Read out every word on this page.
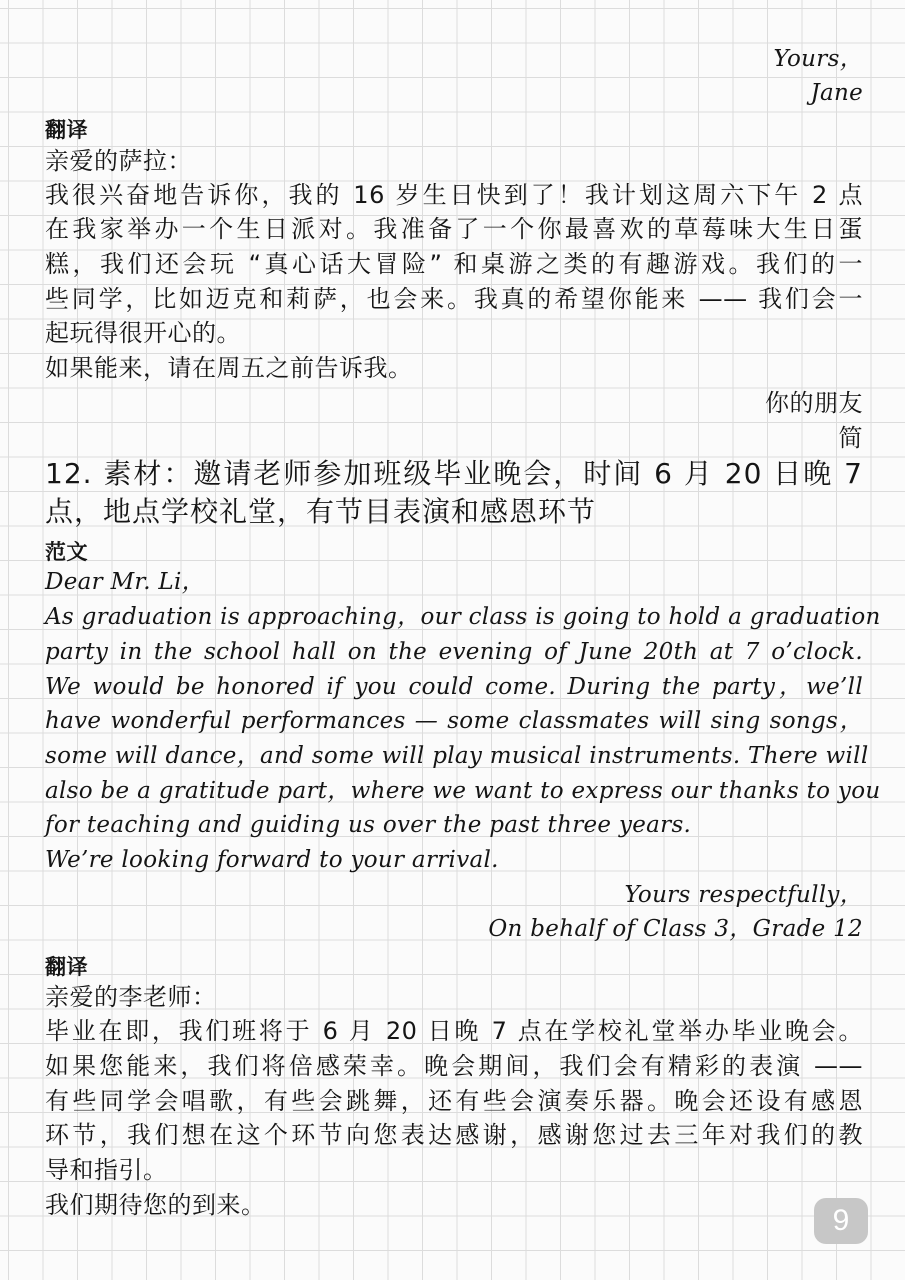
Yours，
Jane
翻译
亲爱的萨拉：
我很兴奋地告诉你，我的 16 岁生日快到了！我计划这周六下午 2 点
在我家举办一个生日派对。我准备了一个你最喜欢的草莓味大生日蛋
糕，我们还会玩 “真心话大冒险” 和桌游之类的有趣游戏。我们的一
些同学，比如迈克和莉萨，也会来。我真的希望你能来 —— 我们会一
起玩得很开心的。
如果能来，请在周五之前告诉我。
你的朋友
简
12. 素材：邀请老师参加班级毕业晚会，时间 6 月 20 日晚 7
点，地点学校礼堂，有节目表演和感恩环节
范文
Dear Mr. Li，
As graduation is approaching，our class is going to hold a graduation
party in the school hall on the evening of June 20th at 7 o’clock.
We would be honored if you could come. During the party，we’ll
have wonderful performances — some classmates will sing songs，
some will dance，and some will play musical instruments. There will
also be a gratitude part，where we want to express our thanks to you
for teaching and guiding us over the past three years.
We’re looking forward to your arrival.
Yours respectfully，
On behalf of Class 3，Grade 12
翻译
亲爱的李老师：
毕业在即，我们班将于 6 月 20 日晚 7 点在学校礼堂举办毕业晚会。
如果您能来，我们将倍感荣幸。晚会期间，我们会有精彩的表演 ——
有些同学会唱歌，有些会跳舞，还有些会演奏乐器。晚会还设有感恩
环节，我们想在这个环节向您表达感谢，感谢您过去三年对我们的教
导和指引。
我们期待您的到来。	9
